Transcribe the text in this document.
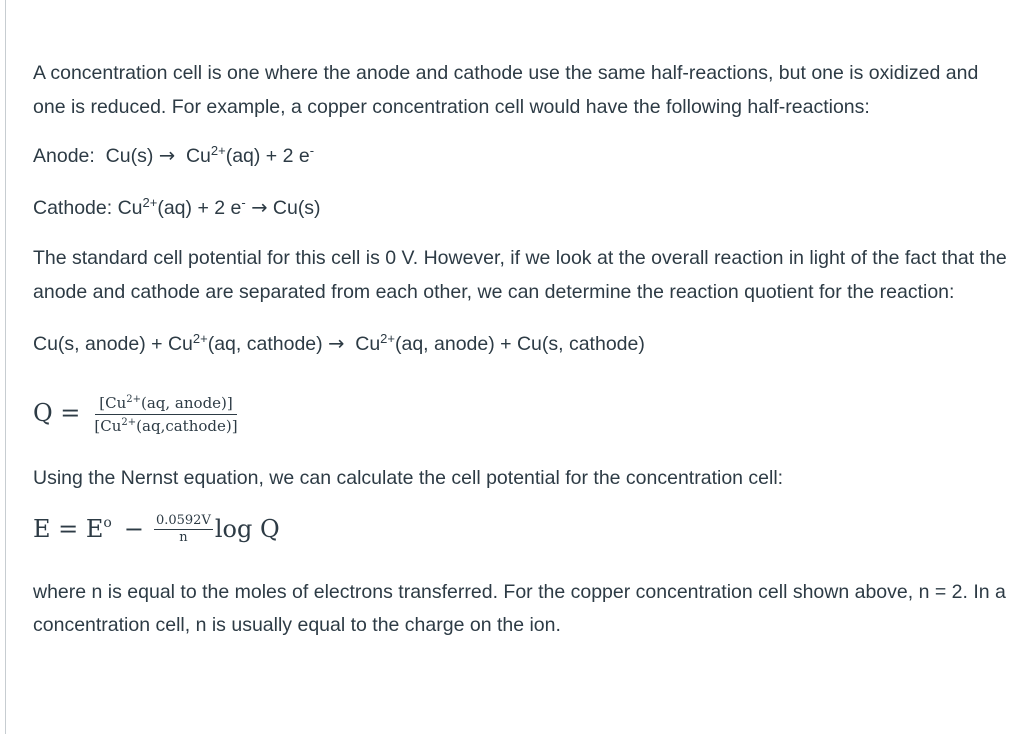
A concentration cell is one where the anode and cathode use the same half-reactions, but one is oxidized and one is reduced. For example, a copper concentration cell would have the following half-reactions:

Anode: $Cu(s) \to Cu^{2+}(aq) + 2$ e-

Cathode: $Cu^{2+}(aq) + 2$ e- → Cu(s)

The standard cell potential for this cell is 0 V. However, if we look at the overall reaction in light of the fact that the anode and cathode are separated from each other, we can determine the reaction quotient for the reaction:

Cu(s, anode) + $Cu^{2+}(aq$, cathode) → $Cu^{2+}(aq$, anode) + Cu(s, cathode)

$Q = \frac{[Cu^{2+}(aq, anode)]}{[Cu^{2+}(aq,cathode)]}$

Using the Nernst equation, we can calculate the cell potential for the concentration cell:

$E = E^o - \frac{0.0592V}{n}$ log Q

where n is equal to the moles of electrons transferred. For the copper concentration cell shown above, n = 2. In a concentration cell, n is usually equal to the charge on the ion.
